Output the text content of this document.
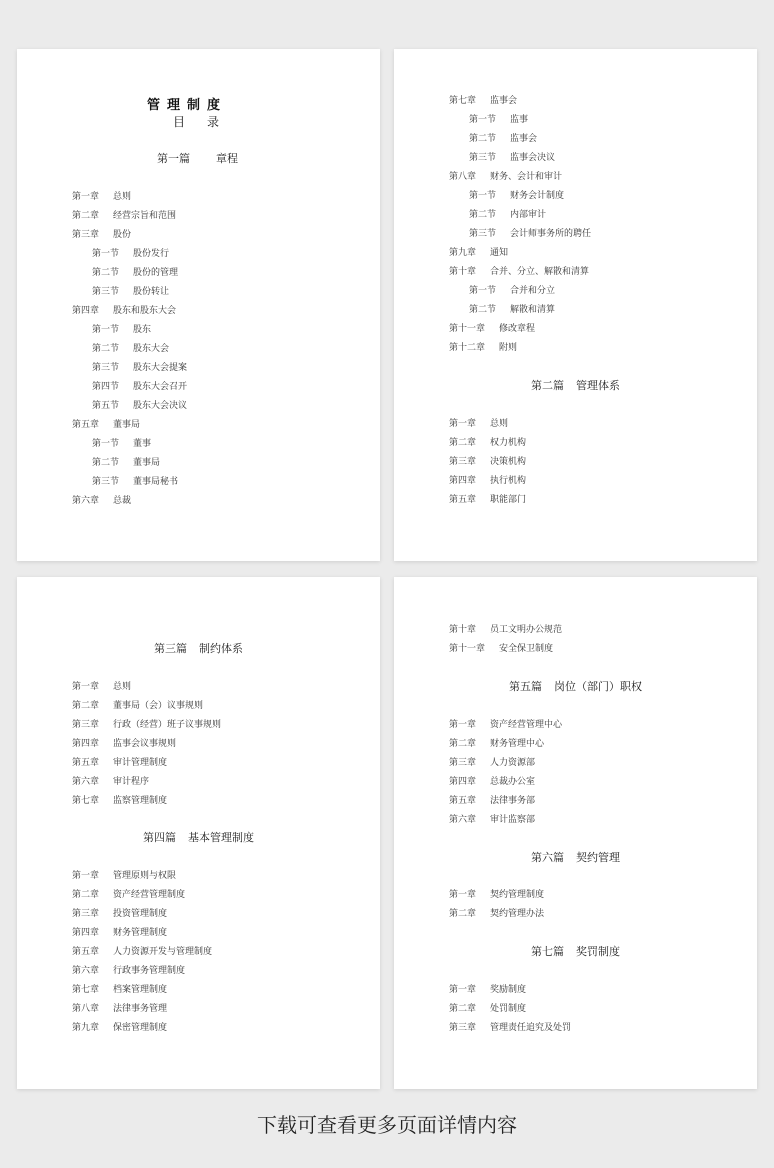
管理制度
目录
第一篇 章程
第一章 总则
第二章 经营宗旨和范围
第三章 股份
第一节 股份发行
第二节 股份的管理
第三节 股份转让
第四章 股东和股东大会
第一节 股东
第二节 股东大会
第三节 股东大会提案
第四节 股东大会召开
第五节 股东大会决议
第五章 董事局
第一节 董事
第二节 董事局
第三节 董事局秘书
第六章 总裁
第二篇 管理体系
第七章 监事会
第一节 监事
第二节 监事会
第三节 监事会决议
第八章 财务、会计和审计
第一节 财务会计制度
第二节 内部审计
第三节 会计师事务所的聘任
第九章 通知
第十章 合并、分立、解散和清算
第一节 合并和分立
第二节 解散和清算
第十一章 修改章程
第十二章 附则
第一章 总则
第二章 权力机构
第三章 决策机构
第四章 执行机构
第五章 职能部门
第三篇 制约体系
第四篇 基本管理制度
第一章 总则
第二章 董事局（会）议事规则
第三章 行政（经营）班子议事规则
第四章 监事会议事规则
第五章 审计管理制度
第六章 审计程序
第七章 监察管理制度
第一章 管理原则与权限
第二章 资产经营管理制度
第三章 投资管理制度
第四章 财务管理制度
第五章 人力资源开发与管理制度
第六章 行政事务管理制度
第七章 档案管理制度
第八章 法律事务管理
第九章 保密管理制度
第五篇 岗位（部门）职权
第六篇 契约管理
第七篇 奖罚制度
第十章 员工文明办公规范
第十一章 安全保卫制度
第一章 资产经营管理中心
第二章 财务管理中心
第三章 人力资源部
第四章 总裁办公室
第五章 法律事务部
第六章 审计监察部
第一章 契约管理制度
第二章 契约管理办法
第一章 奖励制度
第二章 处罚制度
第三章 管理责任追究及处罚
下载可查看更多页面详情内容
